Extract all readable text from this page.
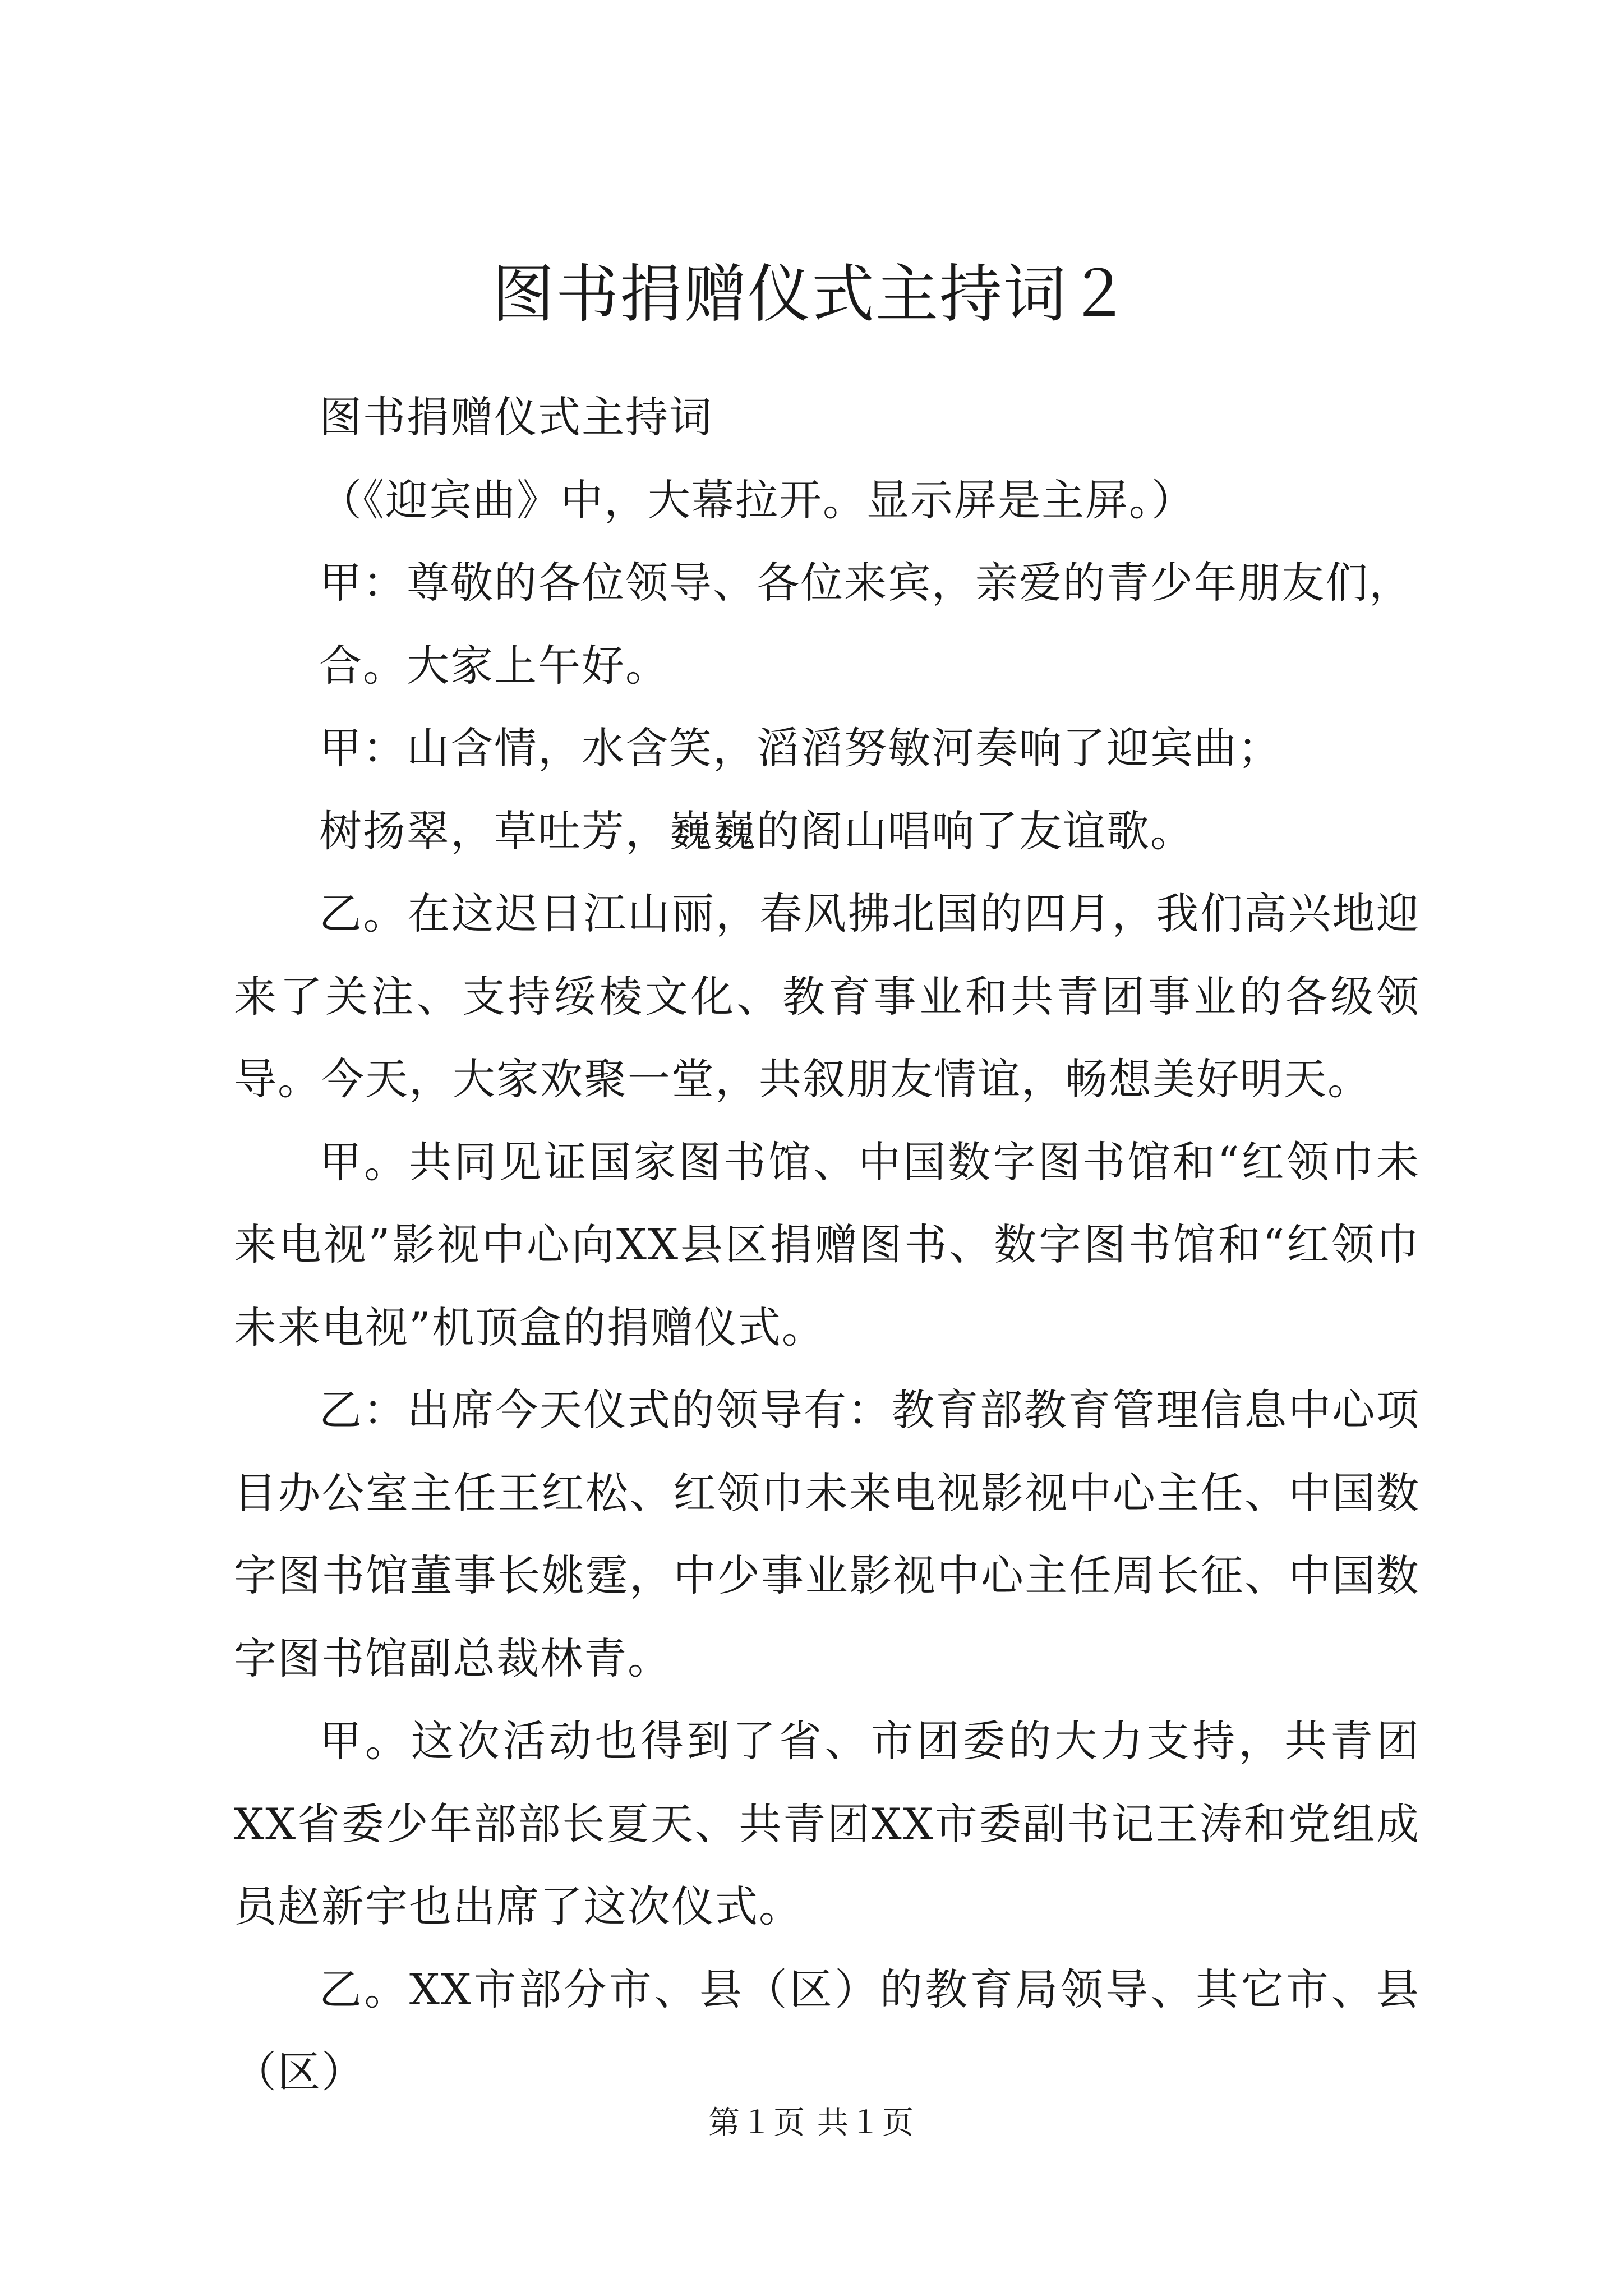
图书捐赠仪式主持词２

图书捐赠仪式主持词

（《迎宾曲》中，大幕拉开。显示屏是主屏。）

甲：尊敬的各位领导、各位来宾，亲爱的青少年朋友们，

合。大家上午好。

甲：山含情，水含笑，滔滔努敏河奏响了迎宾曲；

树扬翠，草吐芳，巍巍的阁山唱响了友谊歌。

乙。在这迟日江山丽，春风拂北国的四月，我们高兴地迎来了关注、支持绥棱文化、教育事业和共青团事业的各级领导。今天，大家欢聚一堂，共叙朋友情谊，畅想美好明天。

甲。共同见证国家图书馆、中国数字图书馆和“红领巾未来电视”影视中心向XX县区捐赠图书、数字图书馆和“红领巾未来电视”机顶盒的捐赠仪式。

乙：出席今天仪式的领导有：教育部教育管理信息中心项目办公室主任王红松、红领巾未来电视影视中心主任、中国数字图书馆董事长姚霆，中少事业影视中心主任周长征、中国数字图书馆副总裁林青。

甲。这次活动也得到了省、市团委的大力支持，共青团XX省委少年部部长夏天、共青团XX市委副书记王涛和党组成员赵新宇也出席了这次仪式。

乙。XX市部分市、县（区）的教育局领导、其它市、县（区）

第１页 共１页
